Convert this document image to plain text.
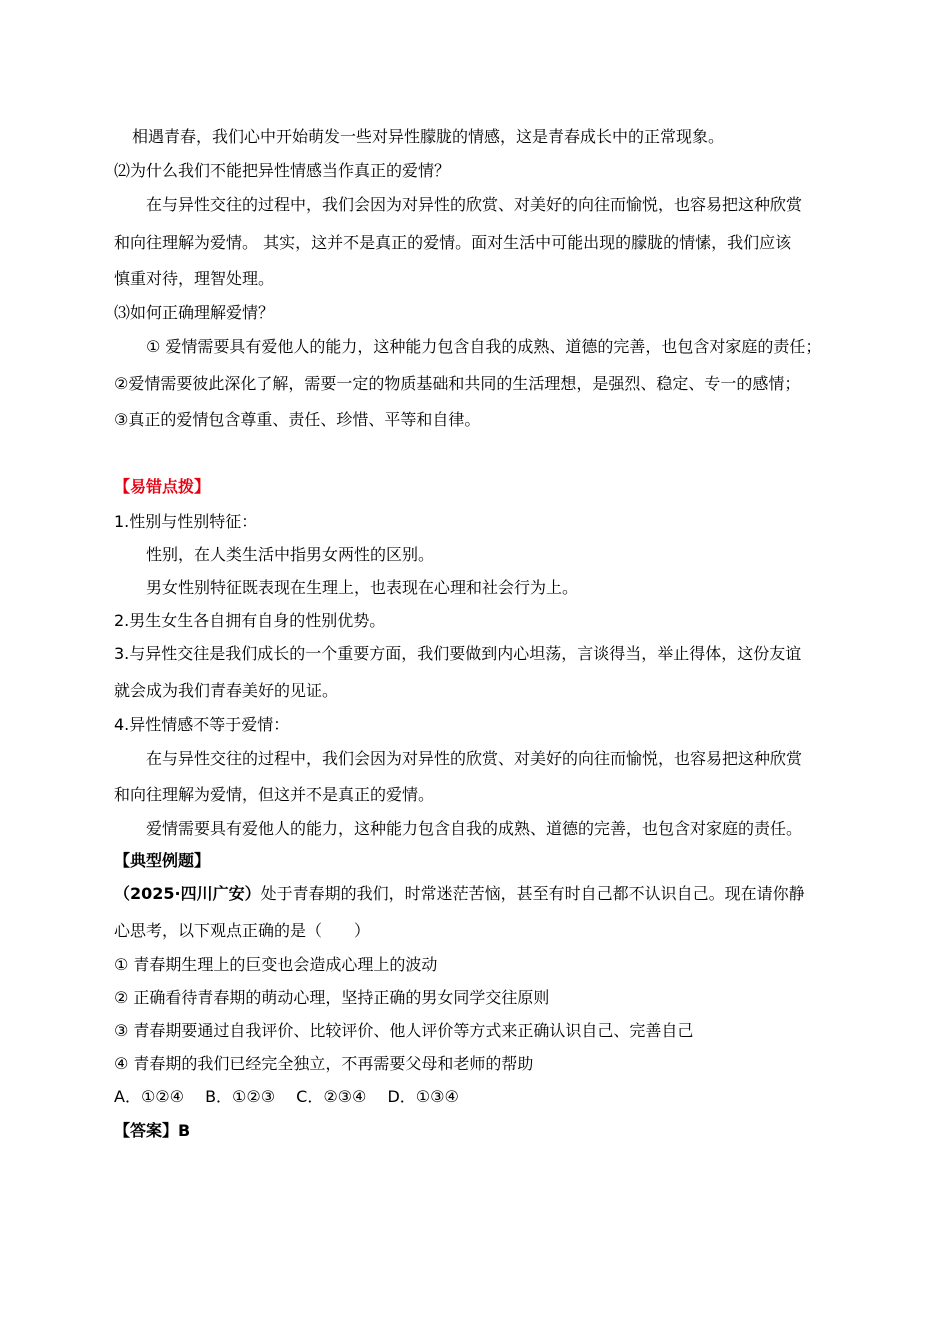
相遇青春，我们心中开始萌发一些对异性朦胧的情感，这是青春成长中的正常现象。
⑵为什么我们不能把异性情感当作真正的爱情？
在与异性交往的过程中，我们会因为对异性的欣赏、对美好的向往而愉悦，也容易把这种欣赏
和向往理解为爱情。 其实，这并不是真正的爱情。面对生活中可能出现的朦胧的情愫，我们应该
慎重对待，理智处理。
⑶如何正确理解爱情？
① 爱情需要具有爱他人的能力，这种能力包含自我的成熟、道德的完善，也包含对家庭的责任；
②爱情需要彼此深化了解，需要一定的物质基础和共同的生活理想，是强烈、稳定、专一的感情；
③真正的爱情包含尊重、责任、珍惜、平等和自律。
【易错点拨】
1.性别与性别特征：
性别，在人类生活中指男女两性的区别。
男女性别特征既表现在生理上，也表现在心理和社会行为上。
2.男生女生各自拥有自身的性别优势。
3.与异性交往是我们成长的一个重要方面，我们要做到内心坦荡，言谈得当，举止得体，这份友谊
就会成为我们青春美好的见证。
4.异性情感不等于爱情：
在与异性交往的过程中，我们会因为对异性的欣赏、对美好的向往而愉悦，也容易把这种欣赏
和向往理解为爱情，但这并不是真正的爱情。
爱情需要具有爱他人的能力，这种能力包含自我的成熟、道德的完善，也包含对家庭的责任。
【典型例题】
（2025·四川广安）处于青春期的我们，时常迷茫苦恼，甚至有时自己都不认识自己。现在请你静
心思考，以下观点正确的是（　　）
① 青春期生理上的巨变也会造成心理上的波动
② 正确看待青春期的萌动心理，坚持正确的男女同学交往原则
③ 青春期要通过自我评价、比较评价、他人评价等方式来正确认识自己、完善自己
④ 青春期的我们已经完全独立，不再需要父母和老师的帮助
A．①②④　 B．①②③　 C．②③④　 D．①③④
【答案】B
